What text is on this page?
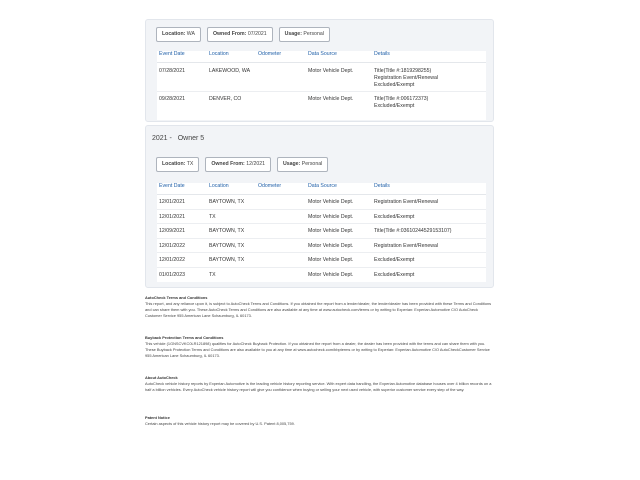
Location: WA	Owned From: 07/2021	Usage: Personal
Event Date	Location	Odometer	Data Source	Details
07/28/2021	LAKEWOOD, WA	Motor Vehicle Dept.	Title(Title #:1819298255)
Registration Event/Renewal
Excluded/Exempt
09/28/2021	DENVER, CO	Motor Vehicle Dept.	Title(Title #:006172373)
Excluded/Exempt
2021 - Owner 5
Location: TX	Owned From: 12/2021	Usage: Personal
Event Date	Location	Odometer	Data Source	Details
12/01/2021	BAYTOWN, TX	Motor Vehicle Dept.	Registration Event/Renewal
12/01/2021	TX	Motor Vehicle Dept.	Excluded/Exempt
12/09/2021	BAYTOWN, TX	Motor Vehicle Dept.	Title(Title #:03610244529153107)
12/01/2022	BAYTOWN, TX	Motor Vehicle Dept.	Registration Event/Renewal
12/01/2022	BAYTOWN, TX	Motor Vehicle Dept.	Excluded/Exempt
01/01/2023	TX	Motor Vehicle Dept.	Excluded/Exempt
AutoCheck Terms and Conditions
This report, and any reliance upon it, is subject to AutoCheck Terms and Conditions. If you obtained the report from a lender/dealer, the lender/dealer has been provided with these Terms and Conditions and can share them with you. These AutoCheck Terms and Conditions are also available at any time at www.autocheck.com/terms or by writing to Experian: Experian Automotive C/O AutoCheck Customer Service 955 American Lane Schaumburg, IL 60173.
Buyback Protection Terms and Conditions
This vehicle (1GNSCVKC0LR121898) qualifies for AutoCheck Buyback Protection. If you obtained the report from a dealer, the dealer has been provided with the terms and can share them with you. These Buyback Protection Terms and Conditions are also available to you at any time at www.autocheck.com/bbpterms or by writing to Experian: Experian Automotive C/O AutoCheckCustomer Service 955 American Lane Schaumburg, IL 60173.
About AutoCheck
AutoCheck vehicle history reports by Experian Automotive is the leading vehicle history reporting service. With expert data handling, the Experian Automotive database houses over 4 billion records on a half a billion vehicles. Every AutoCheck vehicle history report will give you confidence when buying or selling your next used vehicle, with superior customer service every step of the way.
Patent Notice
Certain aspects of this vehicle history report may be covered by U.S. Patent 8,005,759.
